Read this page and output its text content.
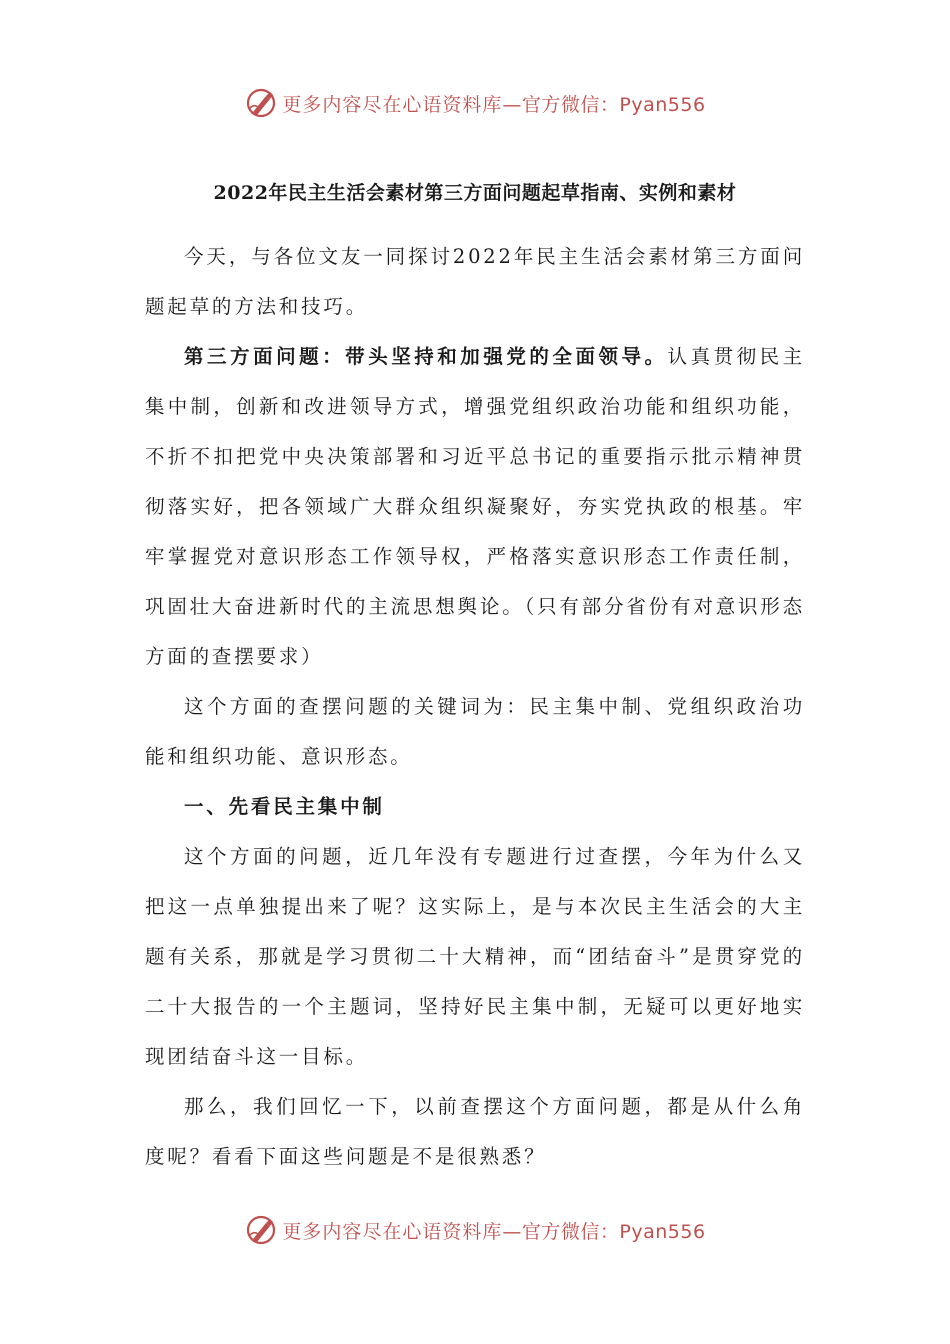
更多内容尽在心语资料库—官方微信：Pyan556
2022年民主生活会素材第三方面问题起草指南、实例和素材

今天，与各位文友一同探讨2022年民主生活会素材第三方面问题起草的方法和技巧。

第三方面问题：带头坚持和加强党的全面领导。认真贯彻民主集中制，创新和改进领导方式，增强党组织政治功能和组织功能，不折不扣把党中央决策部署和习近平总书记的重要指示批示精神贯彻落实好，把各领域广大群众组织凝聚好，夯实党执政的根基。牢牢掌握党对意识形态工作领导权，严格落实意识形态工作责任制，巩固壮大奋进新时代的主流思想舆论。（只有部分省份有对意识形态方面的查摆要求）

这个方面的查摆问题的关键词为：民主集中制、党组织政治功能和组织功能、意识形态。

一、先看民主集中制

这个方面的问题，近几年没有专题进行过查摆，今年为什么又把这一点单独提出来了呢？这实际上，是与本次民主生活会的大主题有关系，那就是学习贯彻二十大精神，而“团结奋斗”是贯穿党的二十大报告的一个主题词，坚持好民主集中制，无疑可以更好地实现团结奋斗这一目标。

那么，我们回忆一下，以前查摆这个方面问题，都是从什么角度呢？看看下面这些问题是不是很熟悉？

更多内容尽在心语资料库—官方微信：Pyan556
